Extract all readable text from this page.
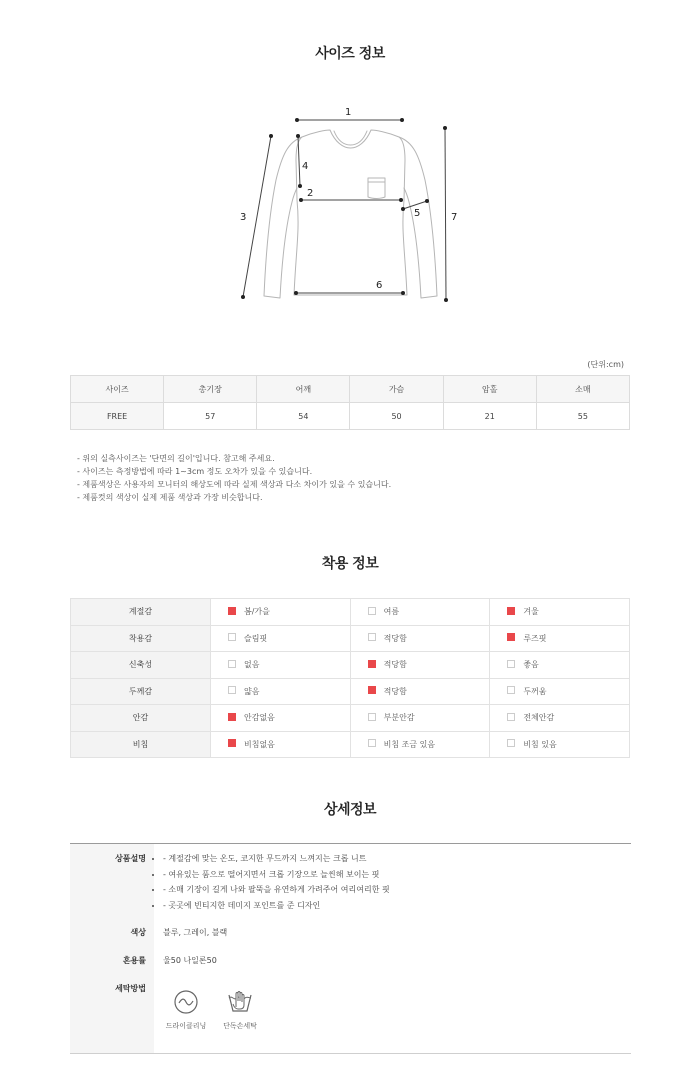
사이즈 정보
1
2
3
4
5
6
7
(단위:cm)
사이즈	총기장	어깨	가슴	암홀	소매
FREE	57	54	50	21	55
- 위의 실측사이즈는 '단면의 길이'입니다. 참고해 주세요.
- 사이즈는 측정방법에 따라 1~3cm 정도 오차가 있을 수 있습니다.
- 제품색상은 사용자의 모니터의 해상도에 따라 실제 색상과 다소 차이가 있을 수 있습니다.
- 제품컷의 색상이 실제 제품 색상과 가장 비슷합니다.
착용 정보
계절감	봄/가을	여름	겨울
착용감	슬림핏	적당함	루즈핏
신축성	없음	적당함	좋음
두께감	얇음	적당함	두꺼움
안감	안감없음	부분안감	전체안감
비침	비침없음	비침 조금 있음	비침 있음
상세정보
상품설명 • - 계절감에 맞는 온도, 코지한 무드까지 느껴지는 크롭 니트
• - 여유있는 품으로 떨어지면서 크롭 기장으로 늘씬해 보이는 핏
• - 소매 기장이 길게 나와 팔뚝을 유연하게 가려주어 여리여리한 핏
• - 곳곳에 빈티지한 데미지 포인트를 준 디자인
색상 블루, 그레이, 블랙
혼용률 울50 나일론50
세탁방법
드라이클리닝	단독손세탁
